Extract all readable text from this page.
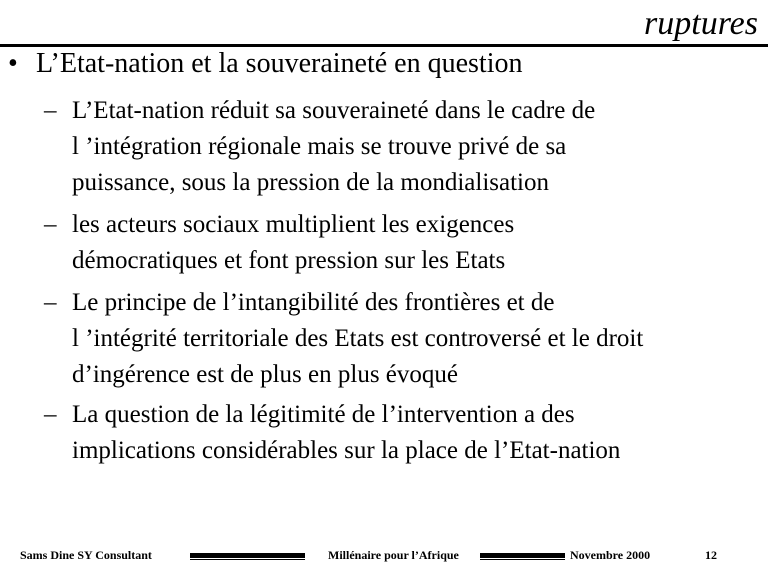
ruptures
• L’Etat-nation et la souveraineté en question
– L’Etat-nation réduit sa souveraineté dans le cadre de
l ’intégration régionale mais se trouve privé de sa
puissance, sous la pression de la mondialisation
– les acteurs sociaux multiplient les exigences
démocratiques et font pression sur les Etats
– Le principe de l’intangibilité des frontières et de
l ’intégrité territoriale des Etats est controversé et le droit
d’ingérence est de plus en plus évoqué
– La question de la légitimité de l’intervention a des
implications considérables sur la place de l’Etat-nation
Sams Dine SY Consultant	Millénaire pour l’Afrique	Novembre 2000	12
